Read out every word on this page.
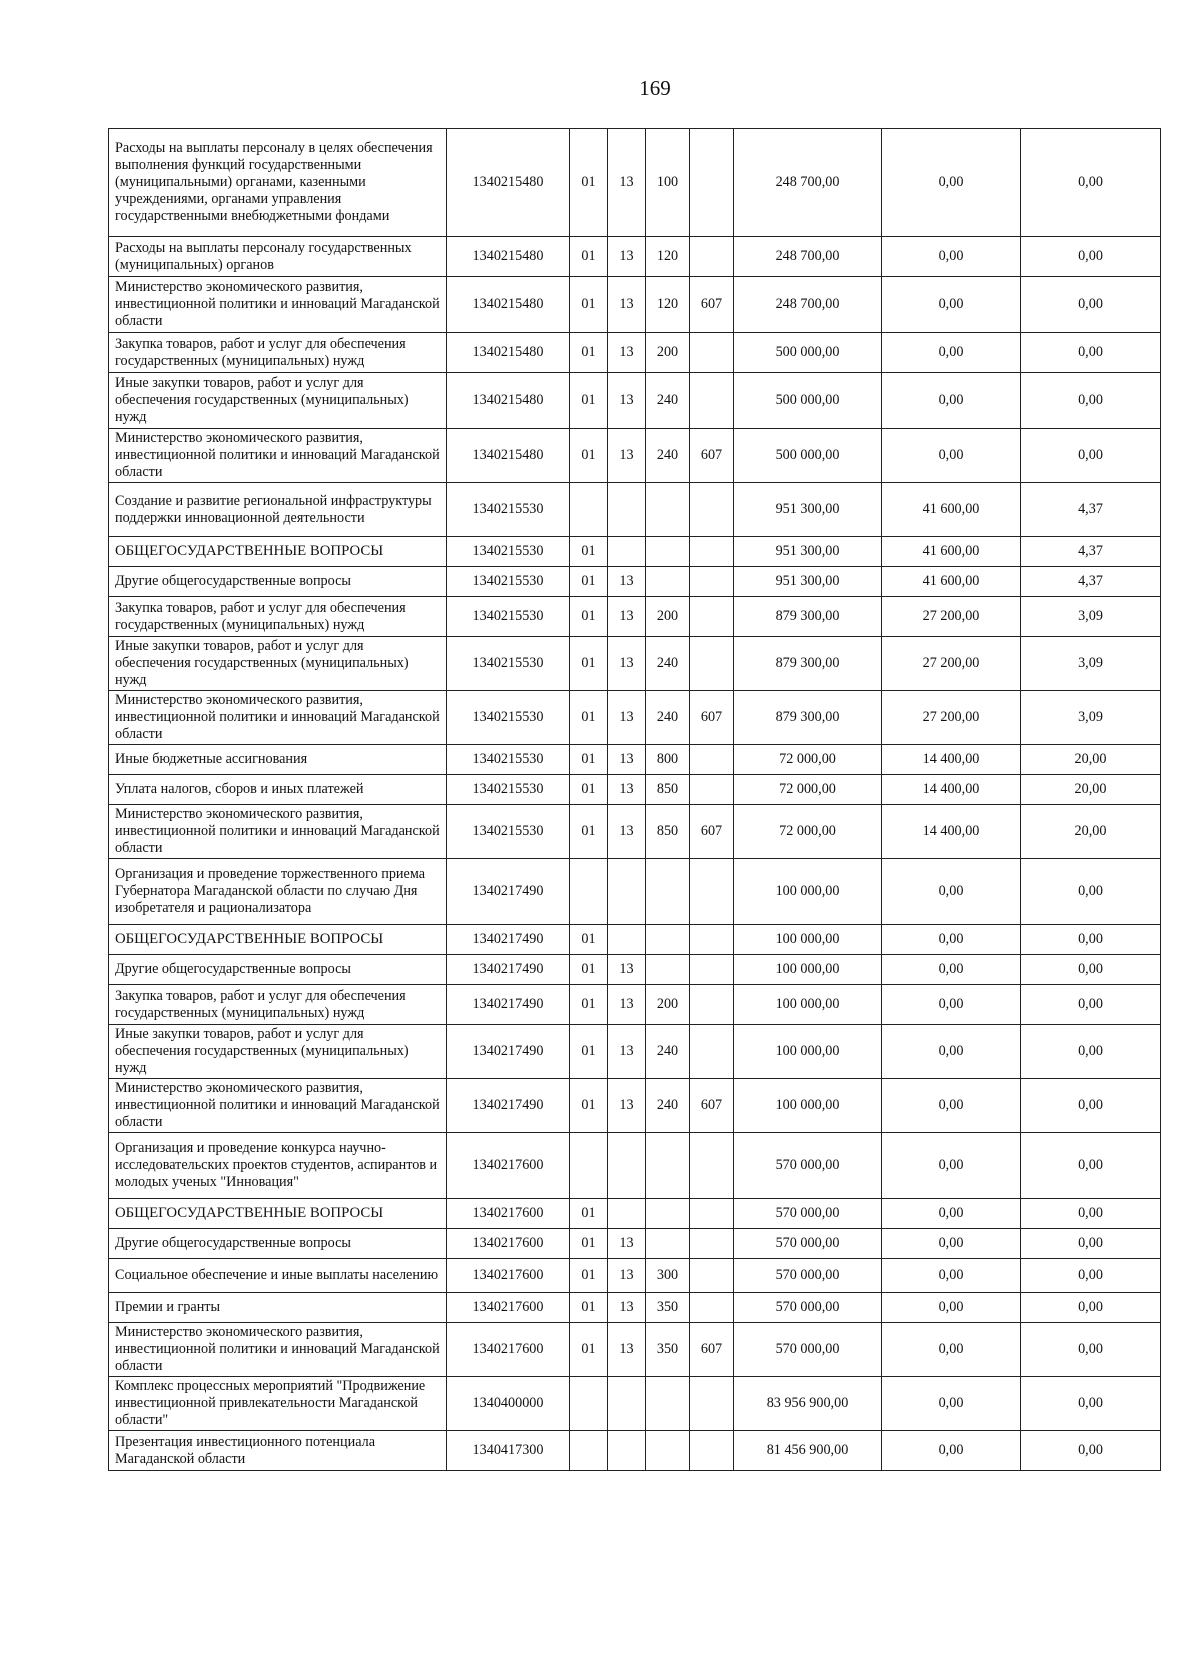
169
Расходы на выплаты персоналу в целях обеспечения выполнения функций государственными (муниципальными) органами, казенными учреждениями, органами управления государственными внебюджетными фондами	1340215480	01	13	100		248 700,00	0,00	0,00
Расходы на выплаты персоналу государственных (муниципальных) органов	1340215480	01	13	120		248 700,00	0,00	0,00
Министерство экономического развития, инвестиционной политики и инноваций Магаданской области	1340215480	01	13	120	607	248 700,00	0,00	0,00
Закупка товаров, работ и услуг для обеспечения государственных (муниципальных) нужд	1340215480	01	13	200		500 000,00	0,00	0,00
Иные закупки товаров, работ и услуг для обеспечения государственных (муниципальных) нужд	1340215480	01	13	240		500 000,00	0,00	0,00
Министерство экономического развития, инвестиционной политики и инноваций Магаданской области	1340215480	01	13	240	607	500 000,00	0,00	0,00
Создание и развитие региональной инфраструктуры поддержки инновационной деятельности	1340215530					951 300,00	41 600,00	4,37
ОБЩЕГОСУДАРСТВЕННЫЕ ВОПРОСЫ	1340215530	01				951 300,00	41 600,00	4,37
Другие общегосударственные вопросы	1340215530	01	13			951 300,00	41 600,00	4,37
Закупка товаров, работ и услуг для обеспечения государственных (муниципальных) нужд	1340215530	01	13	200		879 300,00	27 200,00	3,09
Иные закупки товаров, работ и услуг для обеспечения государственных (муниципальных) нужд	1340215530	01	13	240		879 300,00	27 200,00	3,09
Министерство экономического развития, инвестиционной политики и инноваций Магаданской области	1340215530	01	13	240	607	879 300,00	27 200,00	3,09
Иные бюджетные ассигнования	1340215530	01	13	800		72 000,00	14 400,00	20,00
Уплата налогов, сборов и иных платежей	1340215530	01	13	850		72 000,00	14 400,00	20,00
Министерство экономического развития, инвестиционной политики и инноваций Магаданской области	1340215530	01	13	850	607	72 000,00	14 400,00	20,00
Организация и проведение торжественного приема Губернатора Магаданской области по случаю Дня изобретателя и рационализатора	1340217490					100 000,00	0,00	0,00
ОБЩЕГОСУДАРСТВЕННЫЕ ВОПРОСЫ	1340217490	01				100 000,00	0,00	0,00
Другие общегосударственные вопросы	1340217490	01	13			100 000,00	0,00	0,00
Закупка товаров, работ и услуг для обеспечения государственных (муниципальных) нужд	1340217490	01	13	200		100 000,00	0,00	0,00
Иные закупки товаров, работ и услуг для обеспечения государственных (муниципальных) нужд	1340217490	01	13	240		100 000,00	0,00	0,00
Министерство экономического развития, инвестиционной политики и инноваций Магаданской области	1340217490	01	13	240	607	100 000,00	0,00	0,00
Организация и проведение конкурса научно-исследовательских проектов студентов, аспирантов и молодых ученых "Инновация"	1340217600					570 000,00	0,00	0,00
ОБЩЕГОСУДАРСТВЕННЫЕ ВОПРОСЫ	1340217600	01				570 000,00	0,00	0,00
Другие общегосударственные вопросы	1340217600	01	13			570 000,00	0,00	0,00
Социальное обеспечение и иные выплаты населению	1340217600	01	13	300		570 000,00	0,00	0,00
Премии и гранты	1340217600	01	13	350		570 000,00	0,00	0,00
Министерство экономического развития, инвестиционной политики и инноваций Магаданской области	1340217600	01	13	350	607	570 000,00	0,00	0,00
Комплекс процессных мероприятий "Продвижение инвестиционной привлекательности Магаданской области"	1340400000					83 956 900,00	0,00	0,00
Презентация инвестиционного потенциала Магаданской области	1340417300					81 456 900,00	0,00	0,00
